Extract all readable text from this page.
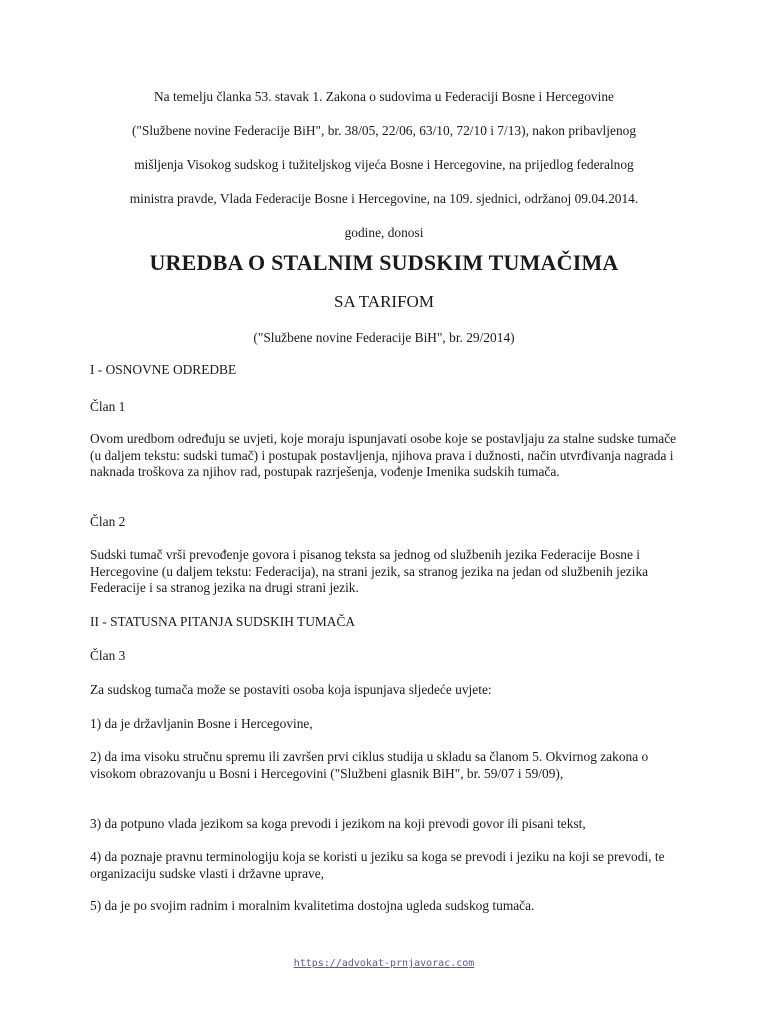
Na temelju članka 53. stavak 1. Zakona o sudovima u Federaciji Bosne i Hercegovine

("Službene novine Federacije BiH", br. 38/05, 22/06, 63/10, 72/10 i 7/13), nakon pribavljenog

mišljenja Visokog sudskog i tužiteljskog vijeća Bosne i Hercegovine, na prijedlog federalnog

ministra pravde, Vlada Federacije Bosne i Hercegovine, na 109. sjednici, održanoj 09.04.2014.

godine, donosi

UREDBA O STALNIM SUDSKIM TUMAČIMA
SA TARIFOM
("Službene novine Federacije BiH", br. 29/2014)

I - OSNOVNE ODREDBE

Član 1

Ovom uredbom određuju se uvjeti, koje moraju ispunjavati osobe koje se postavljaju za stalne sudske tumače (u daljem tekstu: sudski tumač) i postupak postavljenja, njihova prava i dužnosti, način utvrđivanja nagrada i naknada troškova za njihov rad, postupak razrješenja, vođenje Imenika sudskih tumača.

Član 2

Sudski tumač vrši prevođenje govora i pisanog teksta sa jednog od službenih jezika Federacije Bosne i Hercegovine (u daljem tekstu: Federacija), na strani jezik, sa stranog jezika na jedan od službenih jezika Federacije i sa stranog jezika na drugi strani jezik.

II - STATUSNA PITANJA SUDSKIH TUMAČA

Član 3

Za sudskog tumača može se postaviti osoba koja ispunjava sljedeće uvjete:

1) da je državljanin Bosne i Hercegovine,

2) da ima visoku stručnu spremu ili završen prvi ciklus studija u skladu sa članom 5. Okvirnog zakona o visokom obrazovanju u Bosni i Hercegovini ("Službeni glasnik BiH", br. 59/07 i 59/09),

3) da potpuno vlada jezikom sa koga prevodi i jezikom na koji prevodi govor ili pisani tekst,

4) da poznaje pravnu terminologiju koja se koristi u jeziku sa koga se prevodi i jeziku na koji se prevodi, te organizaciju sudske vlasti i državne uprave,

5) da je po svojim radnim i moralnim kvalitetima dostojna ugleda sudskog tumača.

https://advokat-prnjavorac.com
